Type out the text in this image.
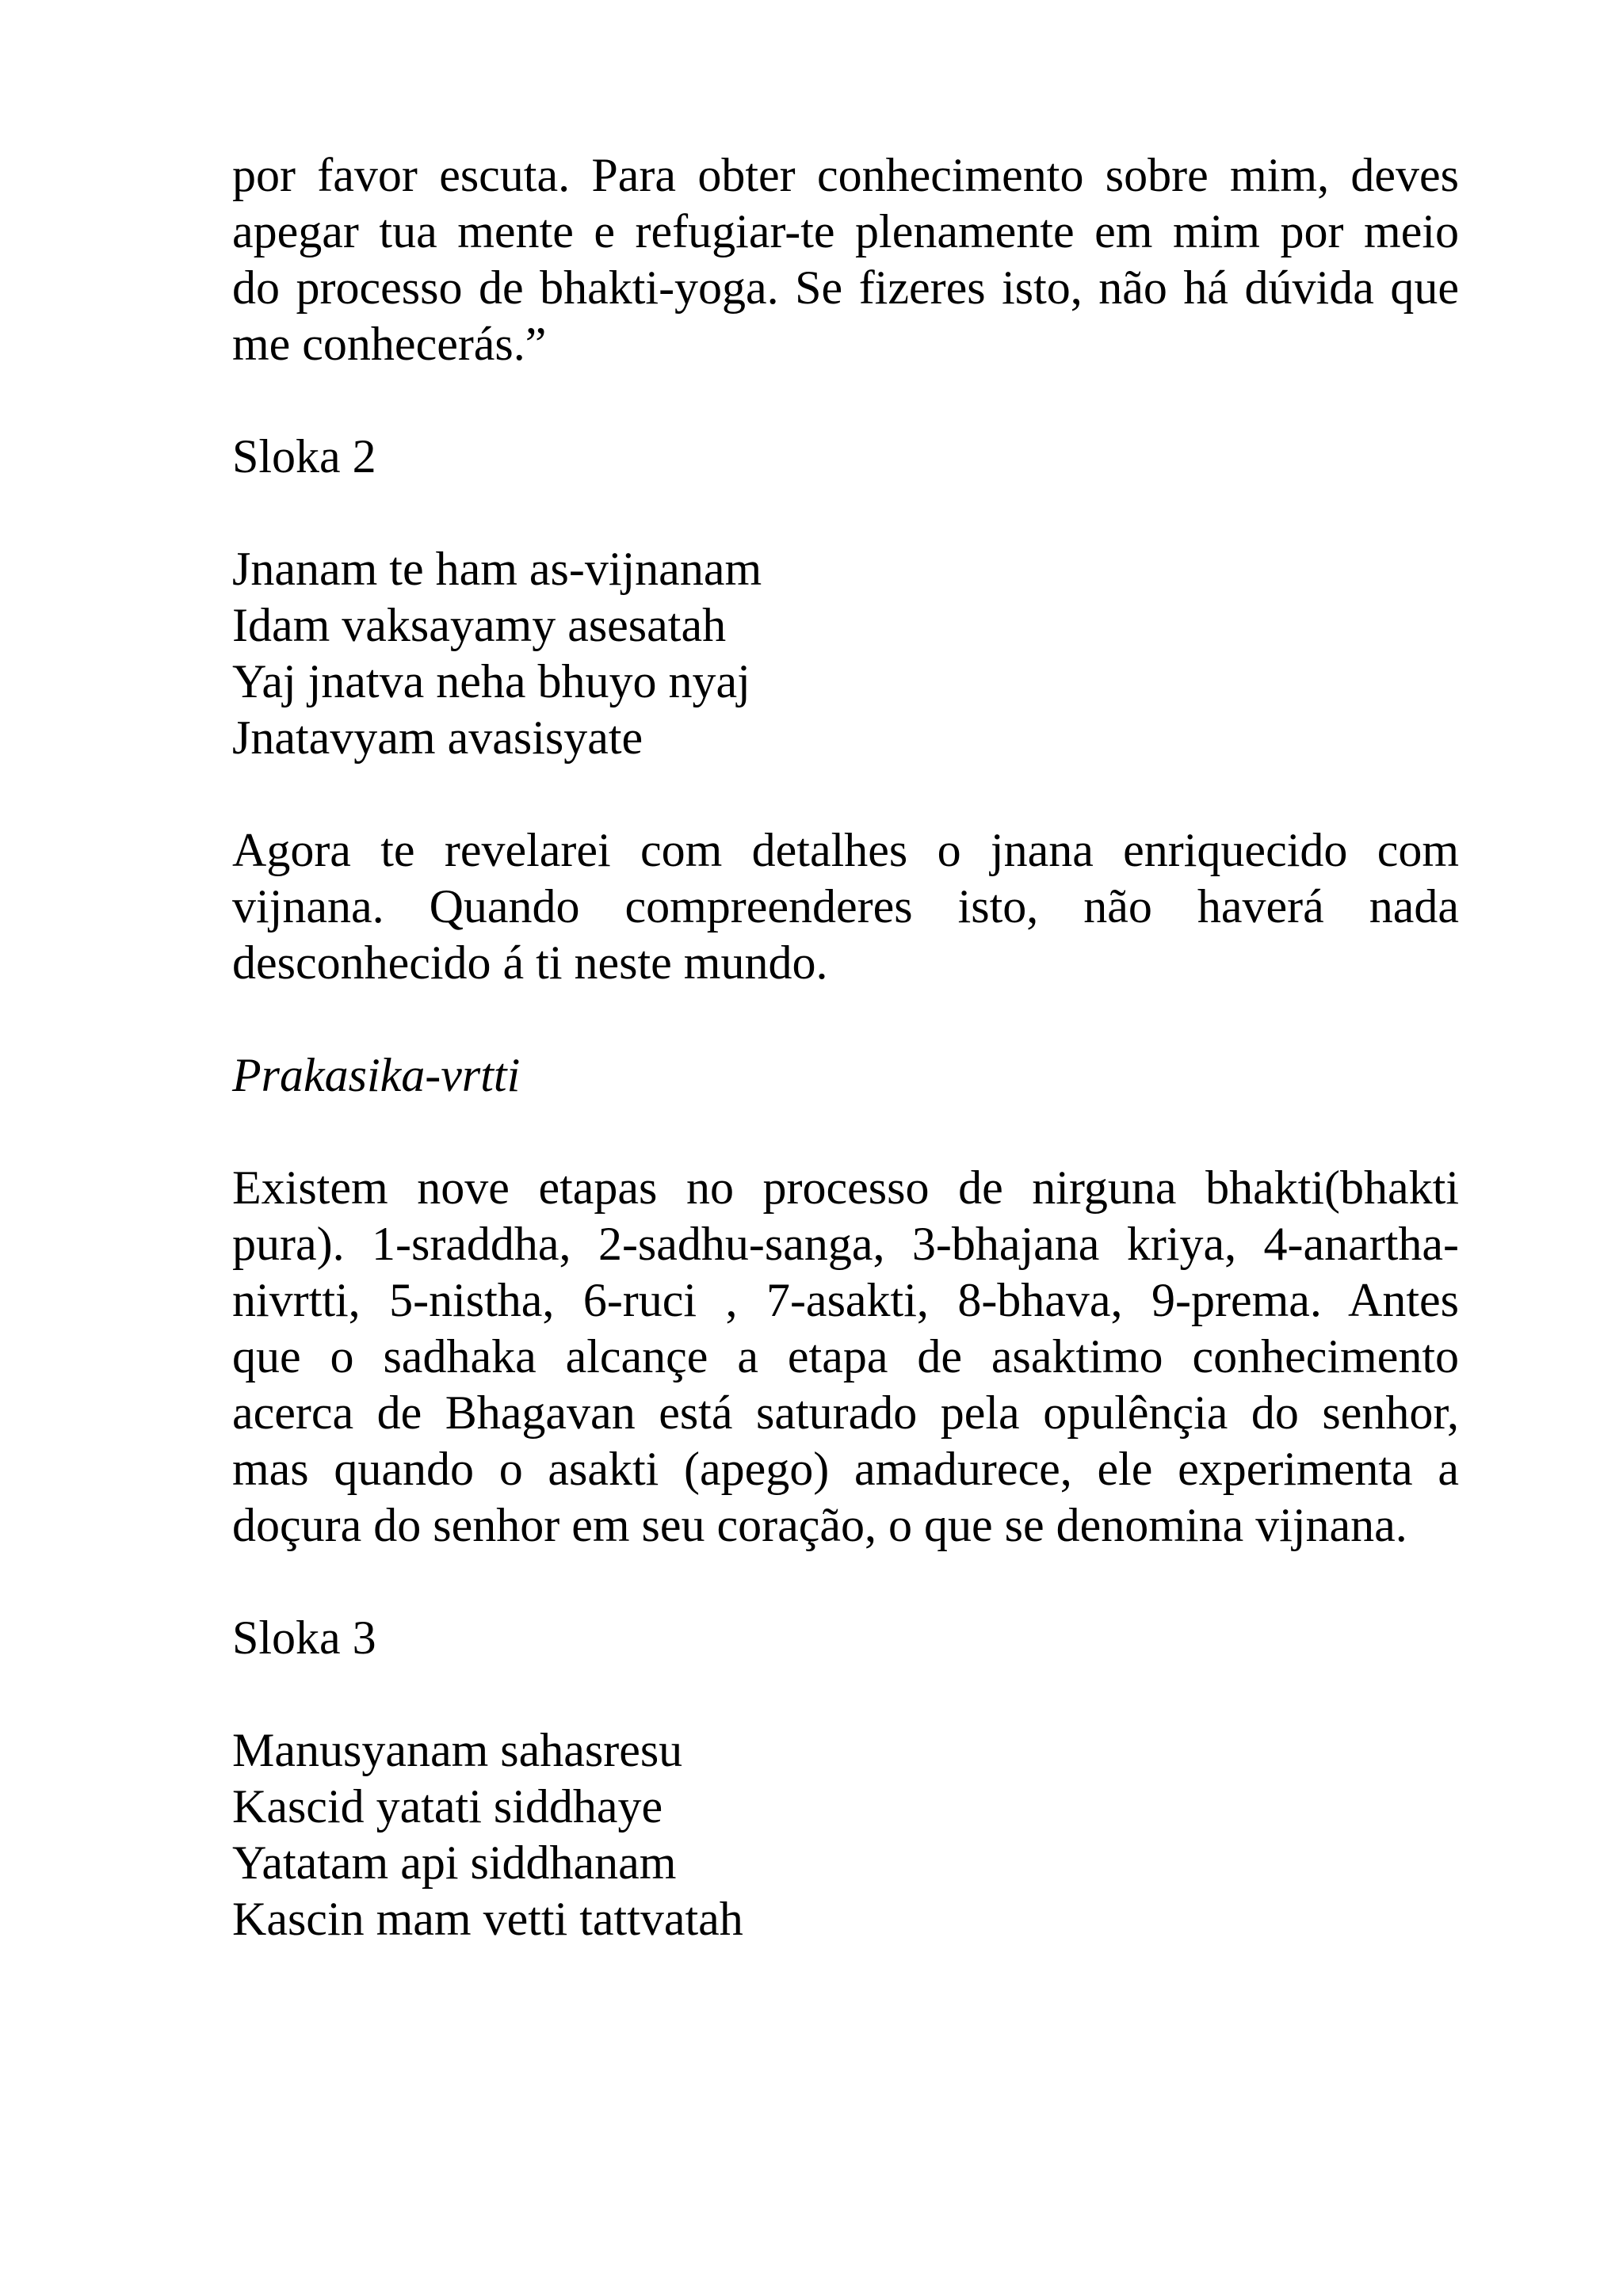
por favor escuta. Para obter conhecimento sobre mim, deves

apegar tua mente e refugiar-te plenamente em mim por meio

do processo de bhakti-yoga. Se fizeres isto, não há dúvida que

me conhecerás.”

Sloka 2

Jnanam te ham as-vijnanam

Idam vaksayamy asesatah

Yaj jnatva neha bhuyo nyaj

Jnatavyam avasisyate

Agora te revelarei com detalhes o jnana enriquecido com

vijnana. Quando compreenderes isto, não haverá nada

desconhecido á ti neste mundo.

Prakasika-vrtti

Existem nove etapas no processo de nirguna bhakti(bhakti

pura). 1-sraddha, 2-sadhu-sanga, 3-bhajana kriya, 4-anartha-

nivrtti, 5-nistha, 6-ruci , 7-asakti, 8-bhava, 9-prema. Antes

que o sadhaka alcançe a etapa de asaktimo conhecimento

acerca de Bhagavan está saturado pela opulênçia do senhor,

mas quando o asakti (apego) amadurece, ele experimenta a

doçura do senhor em seu coração, o que se denomina vijnana.

Sloka 3

Manusyanam sahasresu

Kascid yatati siddhaye

Yatatam api siddhanam

Kascin mam vetti tattvatah
